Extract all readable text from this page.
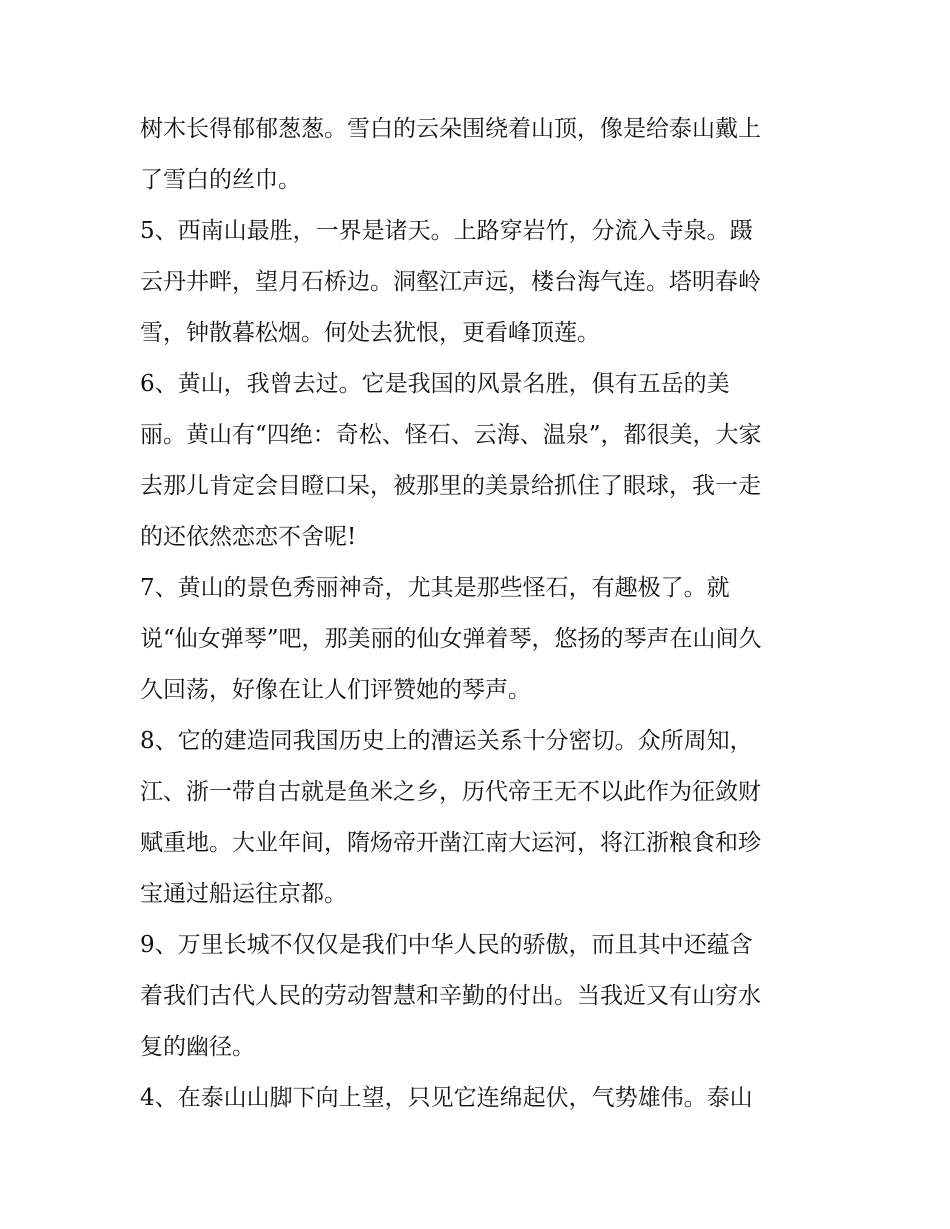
树木长得郁郁葱葱。雪白的云朵围绕着山顶，像是给泰山戴上
了雪白的丝巾。
5、西南山最胜，一界是诸天。上路穿岩竹，分流入寺泉。蹑
云丹井畔，望月石桥边。洞壑江声远，楼台海气连。塔明春岭
雪，钟散暮松烟。何处去犹恨，更看峰顶莲。
6、黄山，我曾去过。它是我国的风景名胜，俱有五岳的美
丽。黄山有“四绝：奇松、怪石、云海、温泉”，都很美，大家
去那儿肯定会目瞪口呆，被那里的美景给抓住了眼球，我一走
的还依然恋恋不舍呢!
7、黄山的景色秀丽神奇，尤其是那些怪石，有趣极了。就
说“仙女弹琴”吧，那美丽的仙女弹着琴，悠扬的琴声在山间久
久回荡，好像在让人们评赞她的琴声。
8、它的建造同我国历史上的漕运关系十分密切。众所周知，
江、浙一带自古就是鱼米之乡，历代帝王无不以此作为征敛财
赋重地。大业年间，隋炀帝开凿江南大运河，将江浙粮食和珍
宝通过船运往京都。
9、万里长城不仅仅是我们中华人民的骄傲，而且其中还蕴含
着我们古代人民的劳动智慧和辛勤的付出。当我近又有山穷水
复的幽径。
4、在泰山山脚下向上望，只见它连绵起伏，气势雄伟。泰山
